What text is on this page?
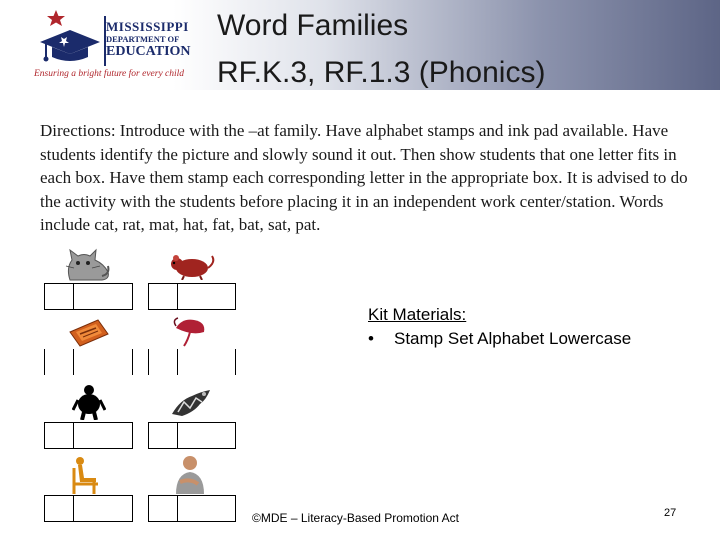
MISSISSIPPI
DEPARTMENT OF
EDUCATION
Ensuring a bright future for every child
Word Families
RF.K.3, RF.1.3 (Phonics)
Directions: Introduce with the –at family. Have alphabet stamps and ink pad available. Have students identify the picture and slowly sound it out. Then show students that one letter fits in each box. Have them stamp each corresponding letter in the appropriate box. It is advised to do the activity with the students before placing it in an independent work center/station. Words include cat, rat, mat, hat, fat, bat, sat, pat.
Kit Materials:
• Stamp Set Alphabet Lowercase
©MDE – Literacy-Based Promotion Act	27
